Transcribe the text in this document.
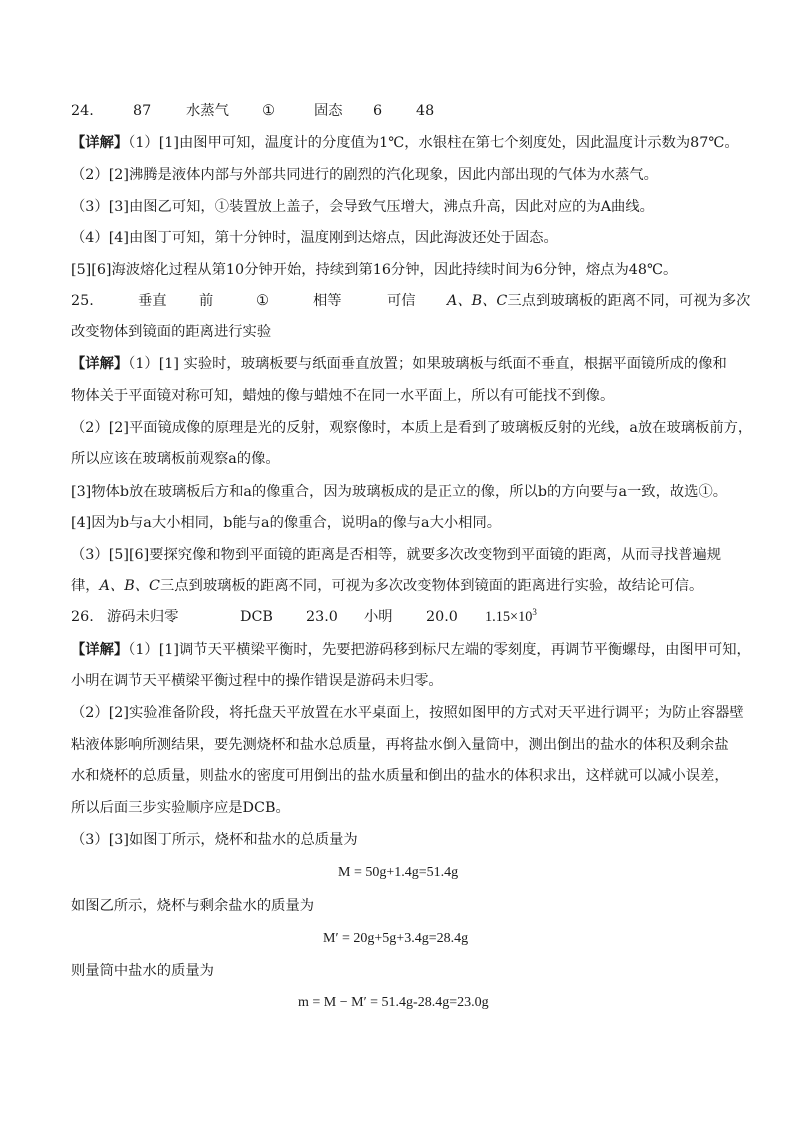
24.	87 水蒸气 ①	固态 6 48
【详解】（1）[1]由图甲可知，温度计的分度值为1℃，水银柱在第七个刻度处，因此温度计示数为87℃。
（2）[2]沸腾是液体内部与外部共同进行的剧烈的汽化现象，因此内部出现的气体为水蒸气。
（3）[3]由图乙可知，①装置放上盖子，会导致气压增大，沸点升高，因此对应的为A曲线。
（4）[4]由图丁可知，第十分钟时，温度刚到达熔点，因此海波还处于固态。
[5][6]海波熔化过程从第10分钟开始，持续到第16分钟，因此持续时间为6分钟，熔点为48℃。
25.	垂直 前	①	相等	可信 A、B、C三点到玻璃板的距离不同，可视为多次
改变物体到镜面的距离进行实验
【详解】（1）[1] 实验时，玻璃板要与纸面垂直放置；如果玻璃板与纸面不垂直，根据平面镜所成的像和
物体关于平面镜对称可知，蜡烛的像与蜡烛不在同一水平面上，所以有可能找不到像。
（2）[2]平面镜成像的原理是光的反射，观察像时，本质上是看到了玻璃板反射的光线，a放在玻璃板前方，
所以应该在玻璃板前观察a的像。
[3]物体b放在玻璃板后方和a的像重合，因为玻璃板成的是正立的像，所以b的方向要与a一致，故选①。
[4]因为b与a大小相同，b能与a的像重合，说明a的像与a大小相同。
（3）[5][6]要探究像和物到平面镜的距离是否相等，就要多次改变物到平面镜的距离，从而寻找普遍规
律，A、B、C三点到玻璃板的距离不同，可视为多次改变物体到镜面的距离进行实验，故结论可信。
26. 游码未归零	DCB 23.0 小明 20.0 $1.15\times 10^3$
【详解】（1）[1]调节天平横梁平衡时，先要把游码移到标尺左端的零刻度，再调节平衡螺母，由图甲可知，
小明在调节天平横梁平衡过程中的操作错误是游码未归零。
（2）[2]实验准备阶段，将托盘天平放置在水平桌面上，按照如图甲的方式对天平进行调平；为防止容器壁
粘液体影响所测结果，要先测烧杯和盐水总质量，再将盐水倒入量筒中，测出倒出的盐水的体积及剩余盐
水和烧杯的总质量，则盐水的密度可用倒出的盐水质量和倒出的盐水的体积求出，这样就可以减小误差，
所以后面三步实验顺序应是DCB。
（3）[3]如图丁所示，烧杯和盐水的总质量为
M = 50g+1.4g=51.4g
如图乙所示，烧杯与剩余盐水的质量为
M′ = 20g+5g+3.4g=28.4g
则量筒中盐水的质量为
m = M − M′ = 51.4g-28.4g=23.0g
